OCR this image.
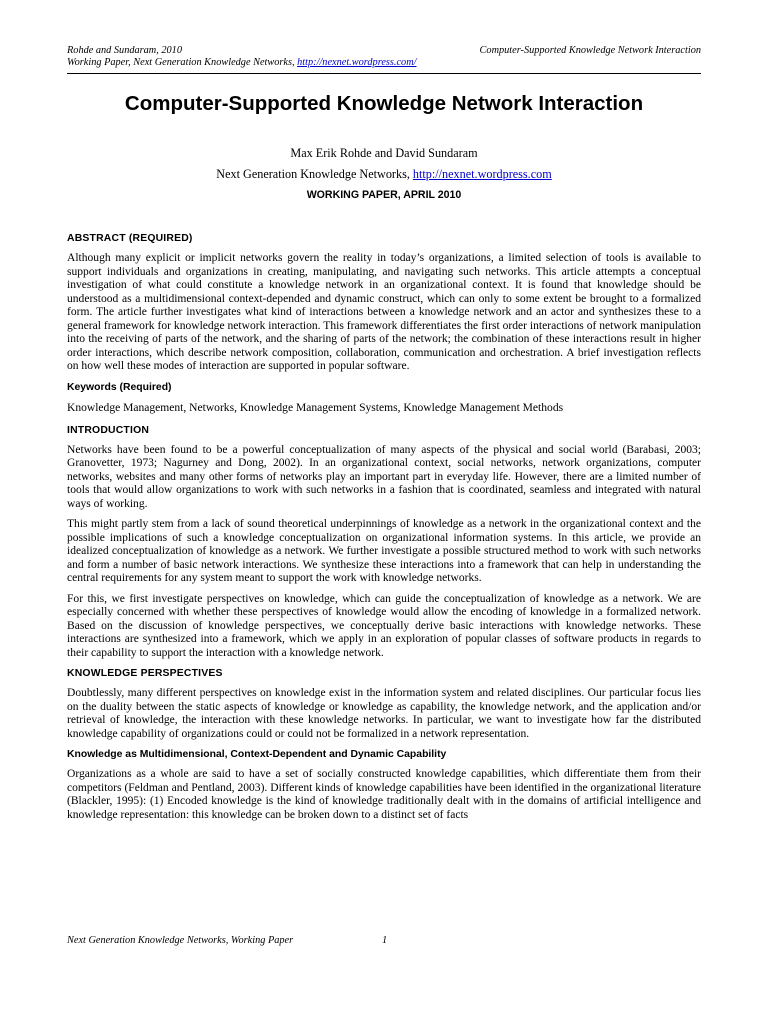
Rohde and Sundaram, 2010	Computer-Supported Knowledge Network Interaction
Working Paper, Next Generation Knowledge Networks, http://nexnet.wordpress.com/
Computer-Supported Knowledge Network Interaction
Max Erik Rohde and David Sundaram
Next Generation Knowledge Networks, http://nexnet.wordpress.com
WORKING PAPER, APRIL 2010
ABSTRACT (REQUIRED)

Although many explicit or implicit networks govern the reality in today’s organizations, a limited selection of tools is available to support individuals and organizations in creating, manipulating, and navigating such networks. This article attempts a conceptual investigation of what could constitute a knowledge network in an organizational context. It is found that knowledge should be understood as a multidimensional context-depended and dynamic construct, which can only to some extent be brought to a formalized form. The article further investigates what kind of interactions between a knowledge network and an actor and synthesizes these to a general framework for knowledge network interaction. This framework differentiates the first order interactions of network manipulation into the receiving of parts of the network, and the sharing of parts of the network; the combination of these interactions result in higher order interactions, which describe network composition, collaboration, communication and orchestration. A brief investigation reflects on how well these modes of interaction are supported in popular software.

Keywords (Required)

Knowledge Management, Networks, Knowledge Management Systems, Knowledge Management Methods

INTRODUCTION

Networks have been found to be a powerful conceptualization of many aspects of the physical and social world (Barabasi, 2003; Granovetter, 1973; Nagurney and Dong, 2002). In an organizational context, social networks, network organizations, computer networks, websites and many other forms of networks play an important part in everyday life. However, there are a limited number of tools that would allow organizations to work with such networks in a fashion that is coordinated, seamless and integrated with natural ways of working.

This might partly stem from a lack of sound theoretical underpinnings of knowledge as a network in the organizational context and the possible implications of such a knowledge conceptualization on organizational information systems. In this article, we provide an idealized conceptualization of knowledge as a network. We further investigate a possible structured method to work with such networks and form a number of basic network interactions. We synthesize these interactions into a framework that can help in understanding the central requirements for any system meant to support the work with knowledge networks.

For this, we first investigate perspectives on knowledge, which can guide the conceptualization of knowledge as a network. We are especially concerned with whether these perspectives of knowledge would allow the encoding of knowledge in a formalized network. Based on the discussion of knowledge perspectives, we conceptually derive basic interactions with knowledge networks. These interactions are synthesized into a framework, which we apply in an exploration of popular classes of software products in regards to their capability to support the interaction with a knowledge network.

KNOWLEDGE PERSPECTIVES

Doubtlessly, many different perspectives on knowledge exist in the information system and related disciplines. Our particular focus lies on the duality between the static aspects of knowledge or knowledge as capability, the knowledge network, and the application and/or retrieval of knowledge, the interaction with these knowledge networks. In particular, we want to investigate how far the distributed knowledge capability of organizations could or could not be formalized in a network representation.

Knowledge as Multidimensional, Context-Dependent and Dynamic Capability

Organizations as a whole are said to have a set of socially constructed knowledge capabilities, which differentiate them from their competitors (Feldman and Pentland, 2003). Different kinds of knowledge capabilities have been identified in the organizational literature (Blackler, 1995): (1) Encoded knowledge is the kind of knowledge traditionally dealt with in the domains of artificial intelligence and knowledge representation: this knowledge can be broken down to a distinct set of facts

Next Generation Knowledge Networks, Working Paper	1
